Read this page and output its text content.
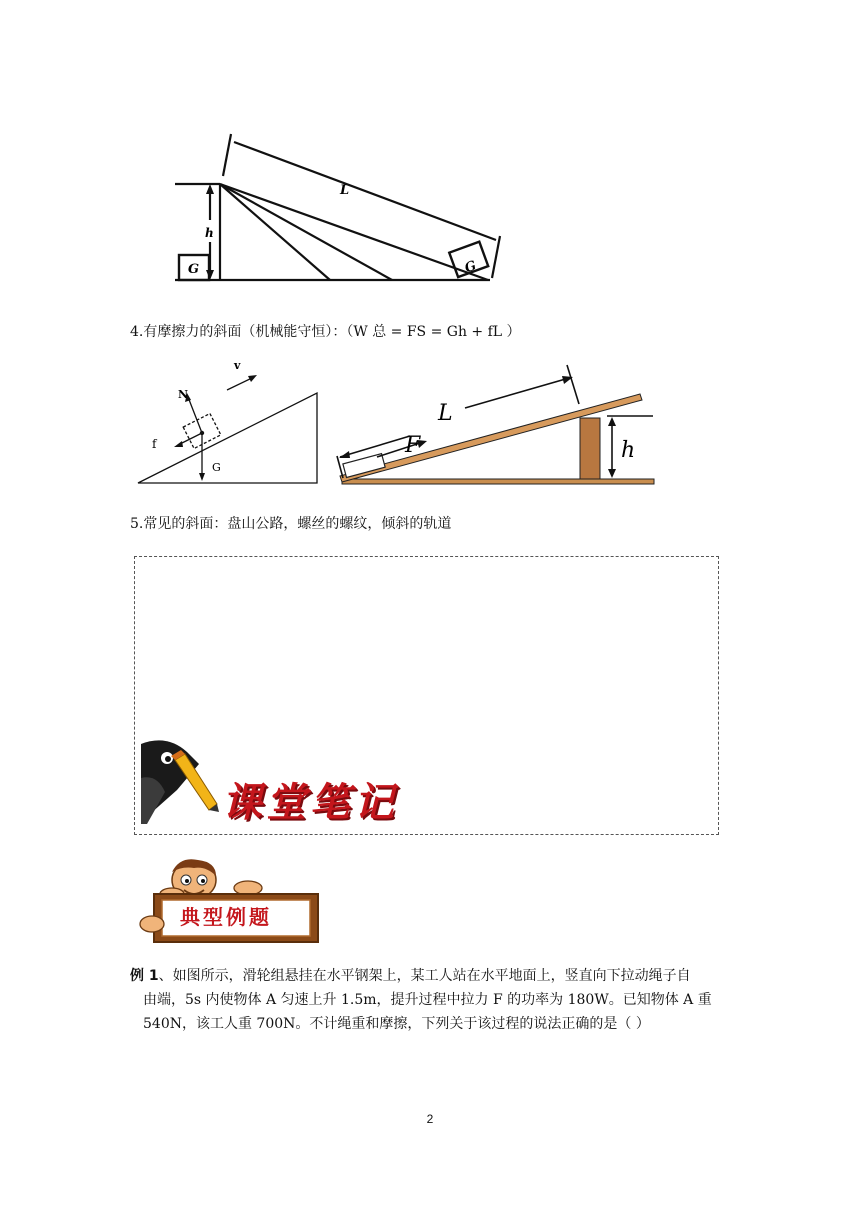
L
h
G	G
4.有摩擦力的斜面（机械能守恒）：（W 总 = FS = Gh + fL ）
v
N
f
G
L
F	h
5.常见的斜面：盘山公路，螺丝的螺纹，倾斜的轨道
课堂笔记
典型例题
例 1、如图所示，滑轮组悬挂在水平钢架上，某工人站在水平地面上，竖直向下拉动绳子自
由端，5s 内使物体 A 匀速上升 1.5m，提升过程中拉力 F 的功率为 180W。已知物体 A 重
540N，该工人重 700N。不计绳重和摩擦，下列关于该过程的说法正确的是（ ）
2
